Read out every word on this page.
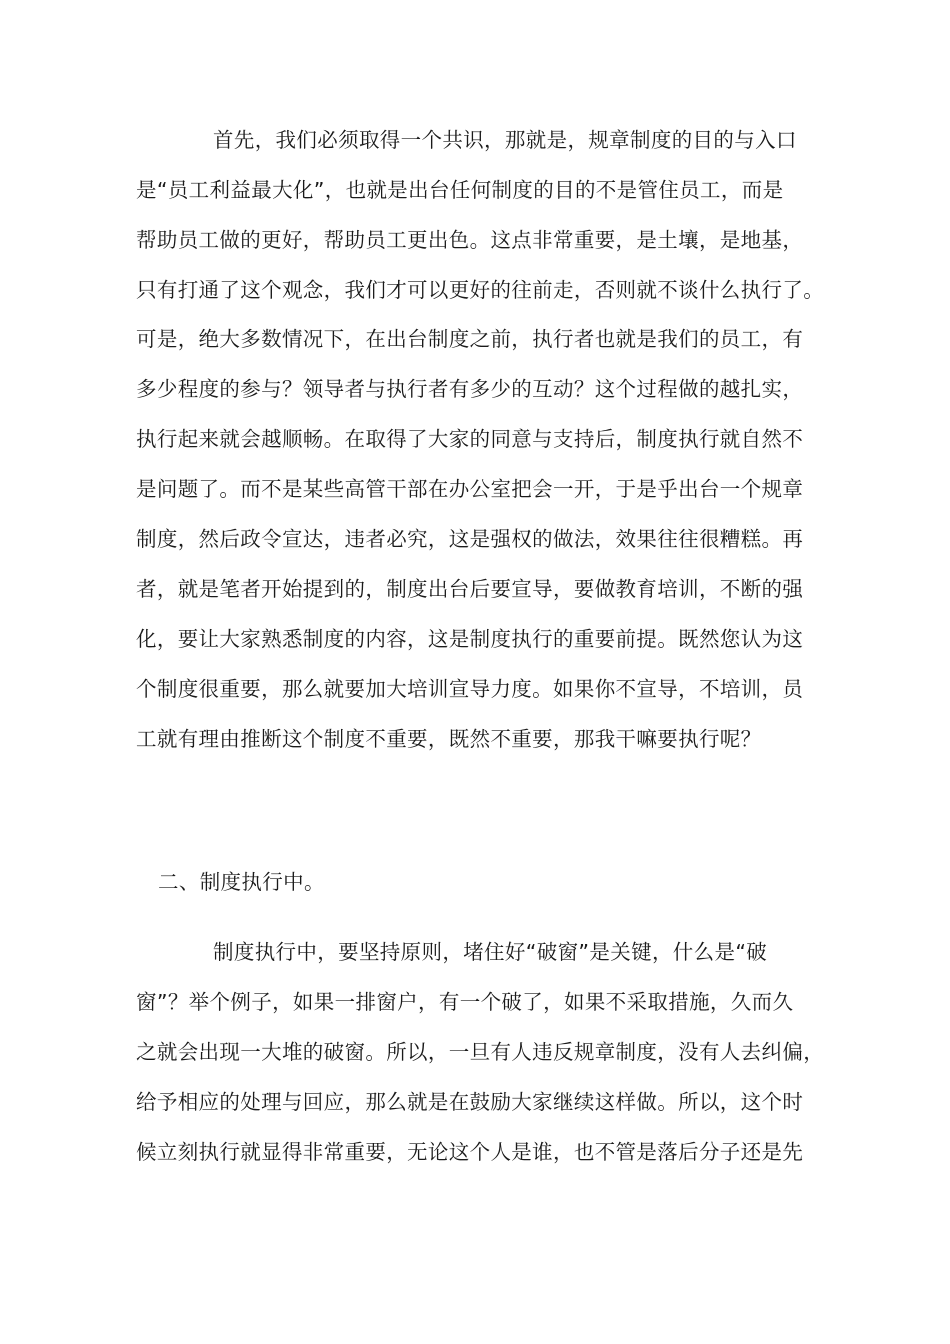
首先，我们必须取得一个共识，那就是，规章制度的目的与入口
是“员工利益最大化”，也就是出台任何制度的目的不是管住员工，而是
帮助员工做的更好，帮助员工更出色。这点非常重要，是土壤，是地基，
只有打通了这个观念，我们才可以更好的往前走，否则就不谈什么执行了。
可是，绝大多数情况下，在出台制度之前，执行者也就是我们的员工，有
多少程度的参与？领导者与执行者有多少的互动？这个过程做的越扎实，
执行起来就会越顺畅。在取得了大家的同意与支持后，制度执行就自然不
是问题了。而不是某些高管干部在办公室把会一开，于是乎出台一个规章
制度，然后政令宣达，违者必究，这是强权的做法，效果往往很糟糕。再
者，就是笔者开始提到的，制度出台后要宣导，要做教育培训，不断的强
化，要让大家熟悉制度的内容，这是制度执行的重要前提。既然您认为这
个制度很重要，那么就要加大培训宣导力度。如果你不宣导，不培训，员
工就有理由推断这个制度不重要，既然不重要，那我干嘛要执行呢？
二、制度执行中。
制度执行中，要坚持原则，堵住好“破窗”是关键，什么是“破
窗”？举个例子，如果一排窗户，有一个破了，如果不采取措施，久而久
之就会出现一大堆的破窗。所以，一旦有人违反规章制度，没有人去纠偏，
给予相应的处理与回应，那么就是在鼓励大家继续这样做。所以，这个时
候立刻执行就显得非常重要，无论这个人是谁，也不管是落后分子还是先
